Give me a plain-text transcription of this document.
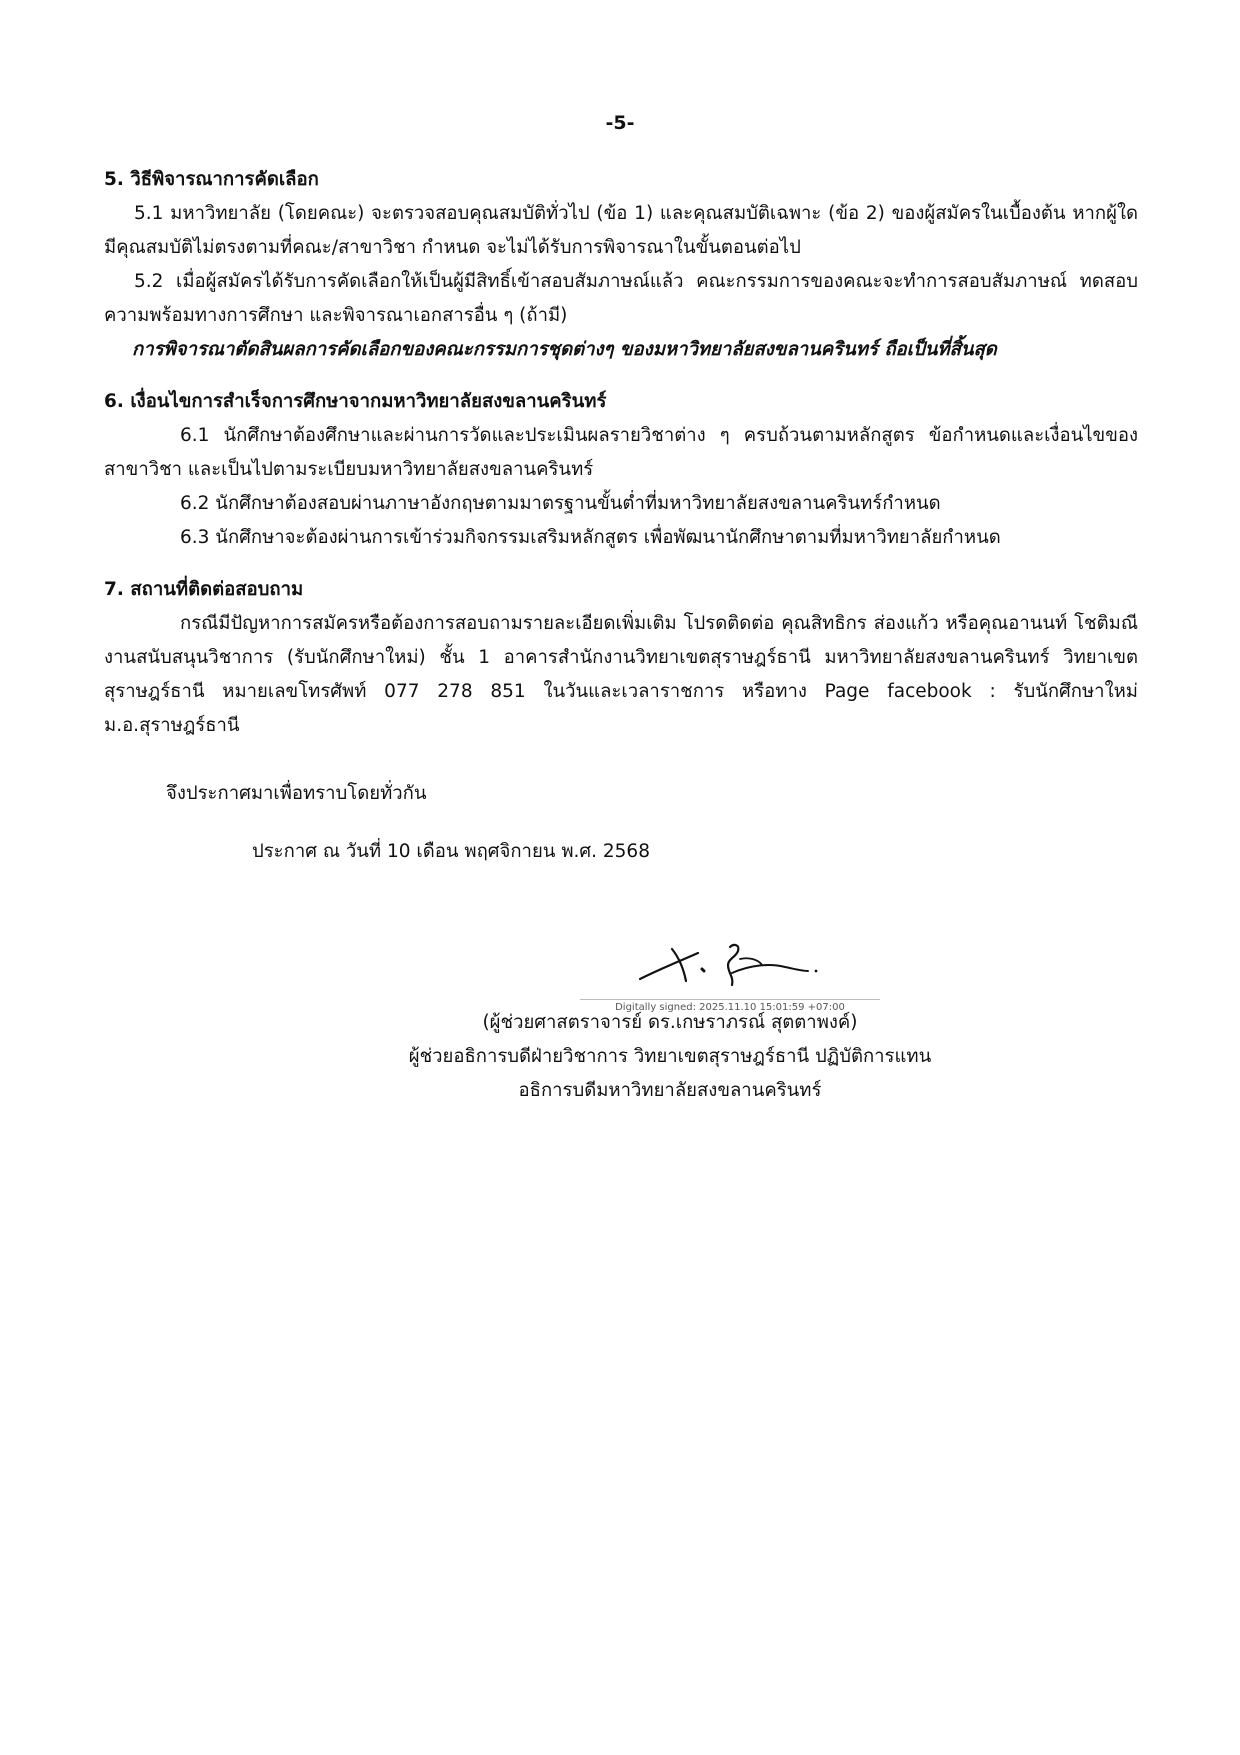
-5-

5. วิธีพิจารณาการคัดเลือก

5.1 มหาวิทยาลัย (โดยคณะ) จะตรวจสอบคุณสมบัติทั่วไป (ข้อ 1) และคุณสมบัติเฉพาะ (ข้อ 2) ของผู้สมัครในเบื้องต้น หากผู้ใดมีคุณสมบัติไม่ตรงตามที่คณะ/สาขาวิชา กำหนด จะไม่ได้รับการพิจารณาในขั้นตอนต่อไป

5.2 เมื่อผู้สมัครได้รับการคัดเลือกให้เป็นผู้มีสิทธิ์เข้าสอบสัมภาษณ์แล้ว คณะกรรมการของคณะจะทำการสอบสัมภาษณ์ ทดสอบความพร้อมทางการศึกษา และพิจารณาเอกสารอื่น ๆ (ถ้ามี)

การพิจารณาตัดสินผลการคัดเลือกของคณะกรรมการชุดต่างๆ ของมหาวิทยาลัยสงขลานครินทร์ ถือเป็นที่สิ้นสุด

6. เงื่อนไขการสำเร็จการศึกษาจากมหาวิทยาลัยสงขลานครินทร์

6.1 นักศึกษาต้องศึกษาและผ่านการวัดและประเมินผลรายวิชาต่าง ๆ ครบถ้วนตามหลักสูตร ข้อกำหนดและเงื่อนไขของสาขาวิชา และเป็นไปตามระเบียบมหาวิทยาลัยสงขลานครินทร์

6.2 นักศึกษาต้องสอบผ่านภาษาอังกฤษตามมาตรฐานขั้นต่ำที่มหาวิทยาลัยสงขลานครินทร์กำหนด

6.3 นักศึกษาจะต้องผ่านการเข้าร่วมกิจกรรมเสริมหลักสูตร เพื่อพัฒนานักศึกษาตามที่มหาวิทยาลัยกำหนด

7. สถานที่ติดต่อสอบถาม

กรณีมีปัญหาการสมัครหรือต้องการสอบถามรายละเอียดเพิ่มเติม โปรดติดต่อ คุณสิทธิกร ส่องแก้ว หรือคุณอานนท์ โชติมณี งานสนับสนุนวิชาการ (รับนักศึกษาใหม่) ชั้น 1 อาคารสำนักงานวิทยาเขตสุราษฎร์ธานี มหาวิทยาลัยสงขลานครินทร์ วิทยาเขตสุราษฎร์ธานี หมายเลขโทรศัพท์ 077 278 851 ในวันและเวลาราชการ หรือทาง Page facebook : รับนักศึกษาใหม่ ม.อ.สุราษฎร์ธานี

จึงประกาศมาเพื่อทราบโดยทั่วกัน

ประกาศ ณ วันที่ 10 เดือน พฤศจิกายน พ.ศ. 2568

Digitally signed: 2025.11.10 15:01:59 +07:00

(ผู้ช่วยศาสตราจารย์ ดร.เกษราภรณ์ สุตตาพงค์)

ผู้ช่วยอธิการบดีฝ่ายวิชาการ วิทยาเขตสุราษฎร์ธานี ปฏิบัติการแทน

อธิการบดีมหาวิทยาลัยสงขลานครินทร์
